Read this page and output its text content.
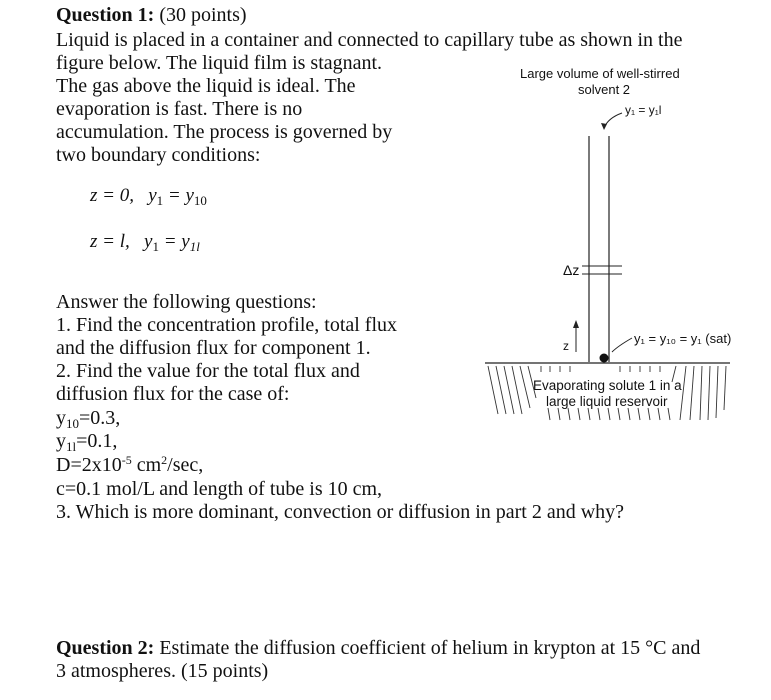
Question 1: (30 points)
Liquid is placed in a container and connected to capillary tube as shown in the
figure below. The liquid film is stagnant.
The gas above the liquid is ideal. The
evaporation is fast. There is no
accumulation. The process is governed by
two boundary conditions:
z = 0, $y_1 = y_{10}$
z = l, $y_1 = y_{1l}$
Answer the following questions:
1. Find the concentration profile, total flux
and the diffusion flux for component 1.
2. Find the value for the total flux and
diffusion flux for the case of:
$y_{10}=0.3$,
$y_{1l}=0.1$,
$D=2x10^{-5}$ $cm^2/\sec$,
c=0.1 mol/L and length of tube is 10 cm,
3. Which is more dominant, convection or diffusion in part 2 and why?
Large volume of well-stirred
solvent 2
y₁ = y₁l
Δz
z	y₁ = y₁₀ = y₁ (sat)
Evaporating solute 1 in a
large liquid reservoir
Question 2: Estimate the diffusion coefficient of helium in krypton at 15 °C and
3 atmospheres. (15 points)
